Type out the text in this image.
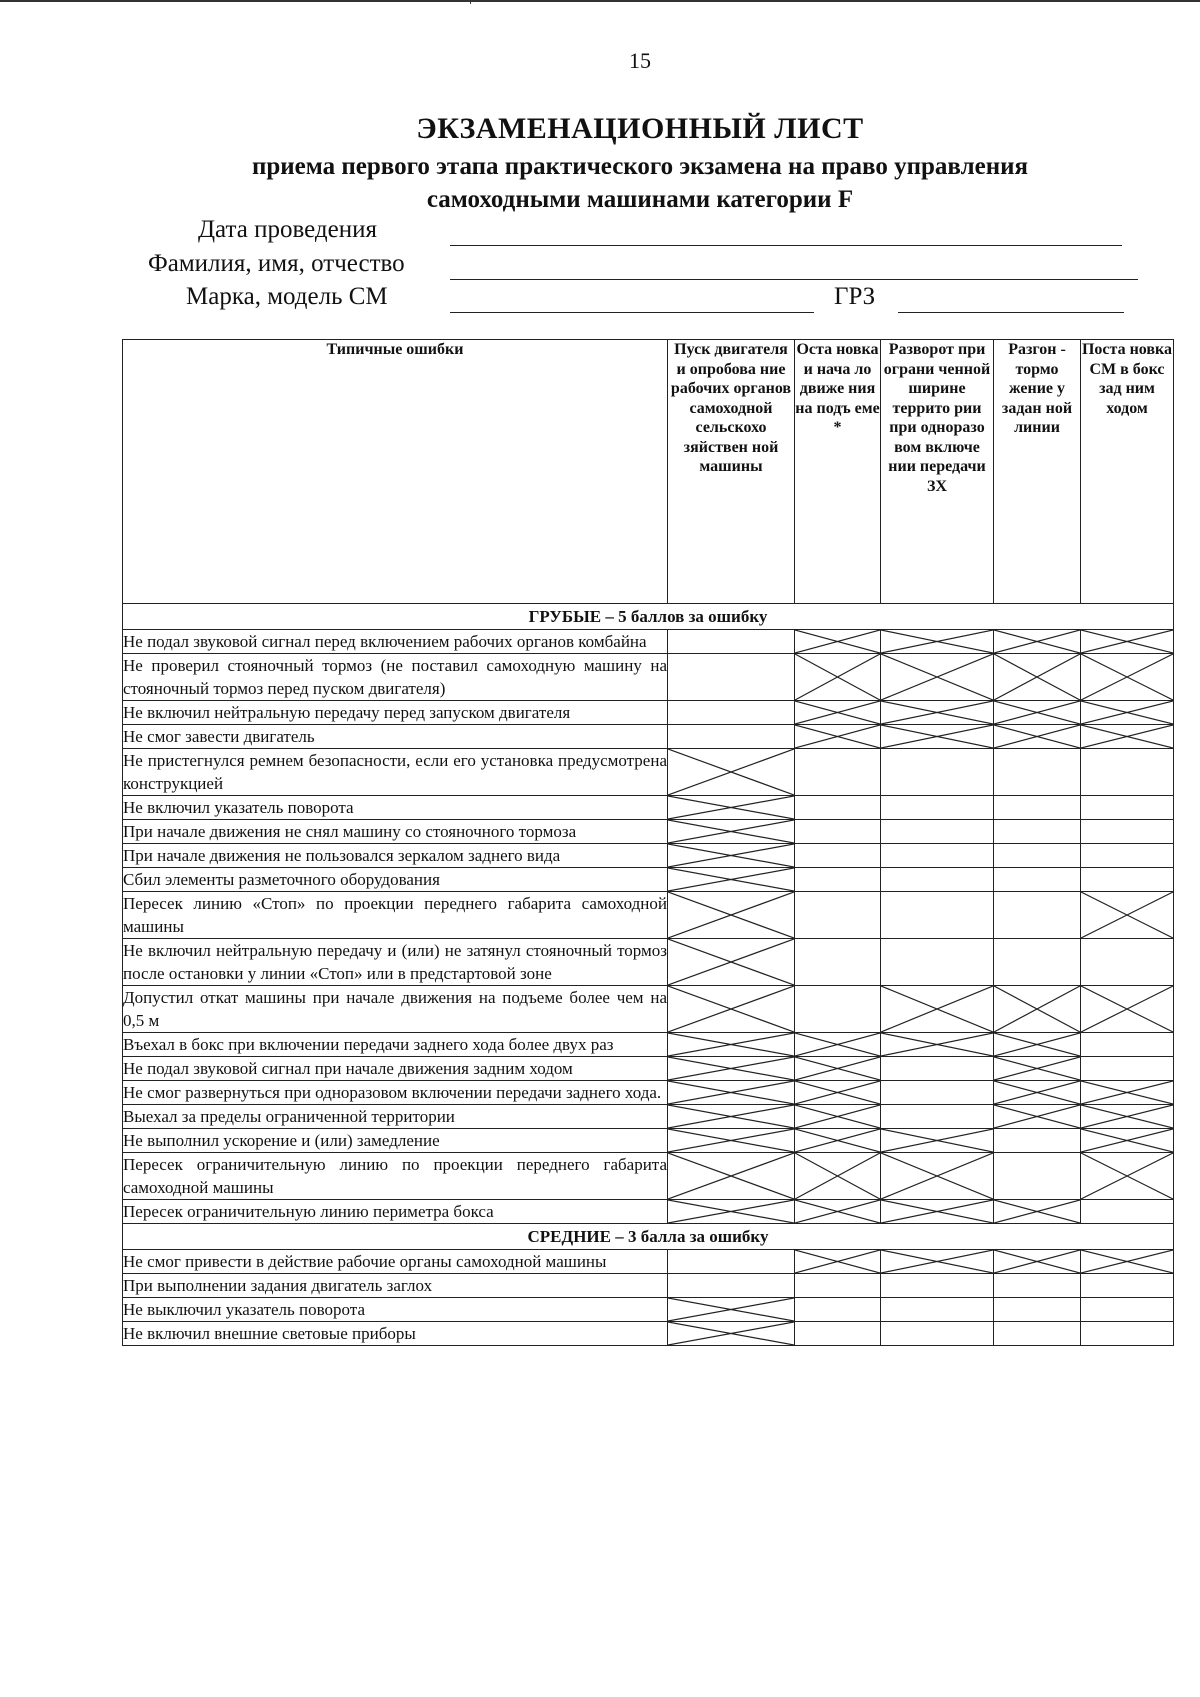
15
ЭКЗАМЕНАЦИОННЫЙ ЛИСТ
приема первого этапа практического экзамена на право управления
самоходными машинами категории F
Дата проведения
Фамилия, имя, отчество
Марка, модель СМ	ГРЗ
Типичные ошибки	Пуск двигателя и опробова ние рабочих органов самоходной сельскохо зяйствен ной машины	Оста новка и нача ло движе ния на подъ еме *	Разворот при ограни ченной ширине террито рии при одноразо вом включе нии передачи ЗХ	Разгон - тормо жение у задан ной линии	Поста новка СМ в бокс зад ним ходом

ГРУБЫЕ – 5 баллов за ошибку					
Не подал звуковой сигнал перед включением рабочих органов комбайна		

Не проверил стояночный тормоз (не поставил самоходную машину на стояночный тормоз перед пуском двигателя)		

Не включил нейтральную передачу перед запуском двигателя		

Не смог завести двигатель		

Не пристегнулся ремнем безопасности, если его установка предусмотрена конструкцией	

Не включил указатель поворота	

При начале движения не снял машину со стояночного тормоза	

При начале движения не пользовался зеркалом заднего вида	

Сбил элементы разметочного оборудования	

Пересек линию «Стоп» по проекции переднего габарита самоходной машины	

Не включил нейтральную передачу и (или) не затянул стояночный тормоз после остановки у линии «Стоп» или в предстартовой зоне	

Допустил откат машины при начале движения на подъеме более чем на 0,5 м	

Въехал в бокс при включении передачи заднего хода более двух раз	

Не подал звуковой сигнал при начале движения задним ходом	

Не смог развернуться при одноразовом включении передачи заднего хода.	

Выехал за пределы ограниченной территории	

Не выполнил ускорение и (или) замедление	

Пересек ограничительную линию по проекции переднего габарита самоходной машины	

Пересек ограничительную линию периметра бокса	

СРЕДНИЕ – 3 балла за ошибку					
Не смог привести в действие рабочие органы самоходной машины		

При выполнении задания двигатель заглох					
Не выключил указатель поворота	

Не включил внешние световые приборы	
